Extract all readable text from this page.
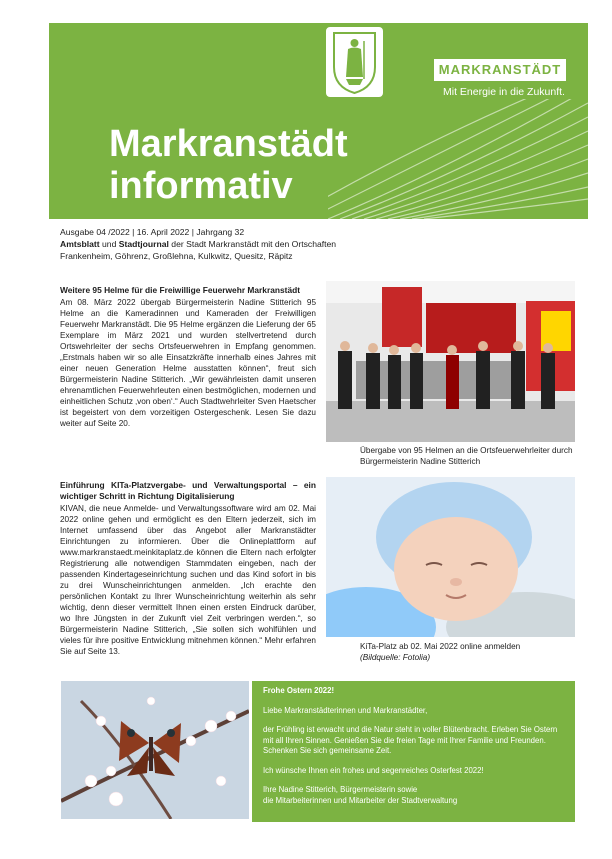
Markranstädt
informativ
MARKRANSTÄDT
Mit Energie in die Zukunft.
Ausgabe 04 /2022 | 16. April 2022 | Jahrgang 32
Amtsblatt und Stadtjournal der Stadt Markranstädt mit den Ortschaften
Frankenheim, Göhrenz, Großlehna, Kulkwitz, Quesitz, Räpitz
Weitere 95 Helme für die Freiwillige Feuerwehr Markranstädt
Am 08. März 2022 übergab Bürgermeisterin Nadine Stitterich 95 Helme an die Kameradinnen und Kameraden der Freiwilligen Feuerwehr Markranstädt. Die 95 Helme ergänzen die Lieferung der 65 Exemplare im März 2021 und wurden stellvertretend durch Ortswehrleiter der sechs Ortsfeuerwehren in Empfang genommen. „Erstmals haben wir so alle Einsatzkräfte innerhalb eines Jahres mit einer neuen Generation Helme ausstatten können“, freut sich Bürgermeisterin Nadine Stitterich. „Wir gewährleisten damit unseren ehrenamtlichen Feuerwehrleuten einen bestmöglichen, modernen und einheitlichen Schutz ‚von oben‘.“ Auch Stadtwehrleiter Sven Haetscher ist begeistert von dem vorzeitigen Ostergeschenk. Lesen Sie dazu weiter auf Seite 20.
Übergabe von 95 Helmen an die Ortsfeuerwehrleiter durch Bürgermeisterin Nadine Stitterich
Einführung KITa-Platzvergabe- und Verwaltungsportal – ein wichtiger Schritt in Richtung Digitalisierung
KIVAN, die neue Anmelde- und Verwaltungssoftware wird am 02. Mai 2022 online gehen und ermöglicht es den Eltern jederzeit, sich im Internet umfassend über das Angebot aller Markranstädter Einrichtungen zu informieren. Über die Onlineplattform auf www.markranstaedt.meinkitaplatz.de können die Eltern nach erfolgter Registrierung alle notwendigen Stammdaten eingeben, nach der passenden Kindertageseinrichtung suchen und das Kind sofort in bis zu drei Wunscheinrichtungen anmelden. „Ich erachte den persönlichen Kontakt zu Ihrer Wunscheinrichtung weiterhin als sehr wichtig, denn dieser vermittelt Ihnen einen ersten Eindruck darüber, wo Ihre Jüngsten in der Zukunft viel Zeit verbringen werden.“, so Bürgermeisterin Nadine Stitterich, „Sie sollen sich wohlfühlen und vieles für ihre positive Entwicklung mitnehmen können.“ Mehr erfahren Sie auf Seite 13.
KiTa-Platz ab 02. Mai 2022 online anmelden
(Bildquelle: Fotolia)

Frohe Ostern 2022!

Liebe Markranstädterinnen und Markranstädter,

der Frühling ist erwacht und die Natur steht in voller Blütenbracht. Erleben Sie Ostern mit all Ihren Sinnen. Genießen Sie die freien Tage mit Ihrer Familie und Freunden. Schenken Sie sich gemeinsame Zeit.

Ich wünsche Ihnen ein frohes und segenreiches Osterfest 2022!

Ihre Nadine Stitterich, Bürgermeisterin sowie
die Mitarbeiterinnen und Mitarbeiter der Stadtverwaltung
